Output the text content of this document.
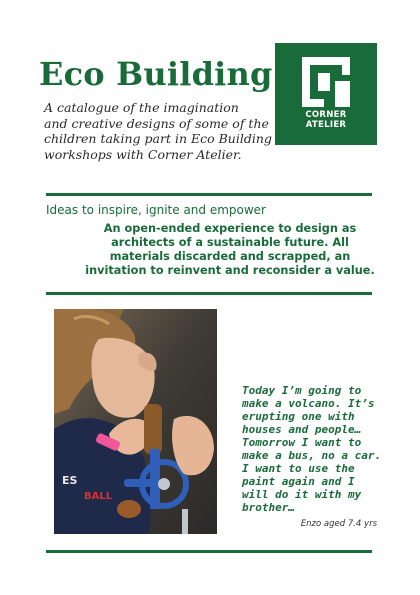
Eco Building

A catalogue of the imagination
and creative designs of some of the
children taking part in Eco Building
workshops with Corner Atelier.

CORNER
ATELIER

Ideas to inspire, ignite and empower

An open-ended experience to design as architects of a sustainable future. All materials discarded and scrapped, an invitation to reinvent and reconsider a value.

ES
BALL

Today I’m going to make a volcano. It’s erupting one with houses and people… Tomorrow I want to make a bus, no a car. I want to use the paint again and I will do it with my brother…

Enzo aged 7.4 yrs
